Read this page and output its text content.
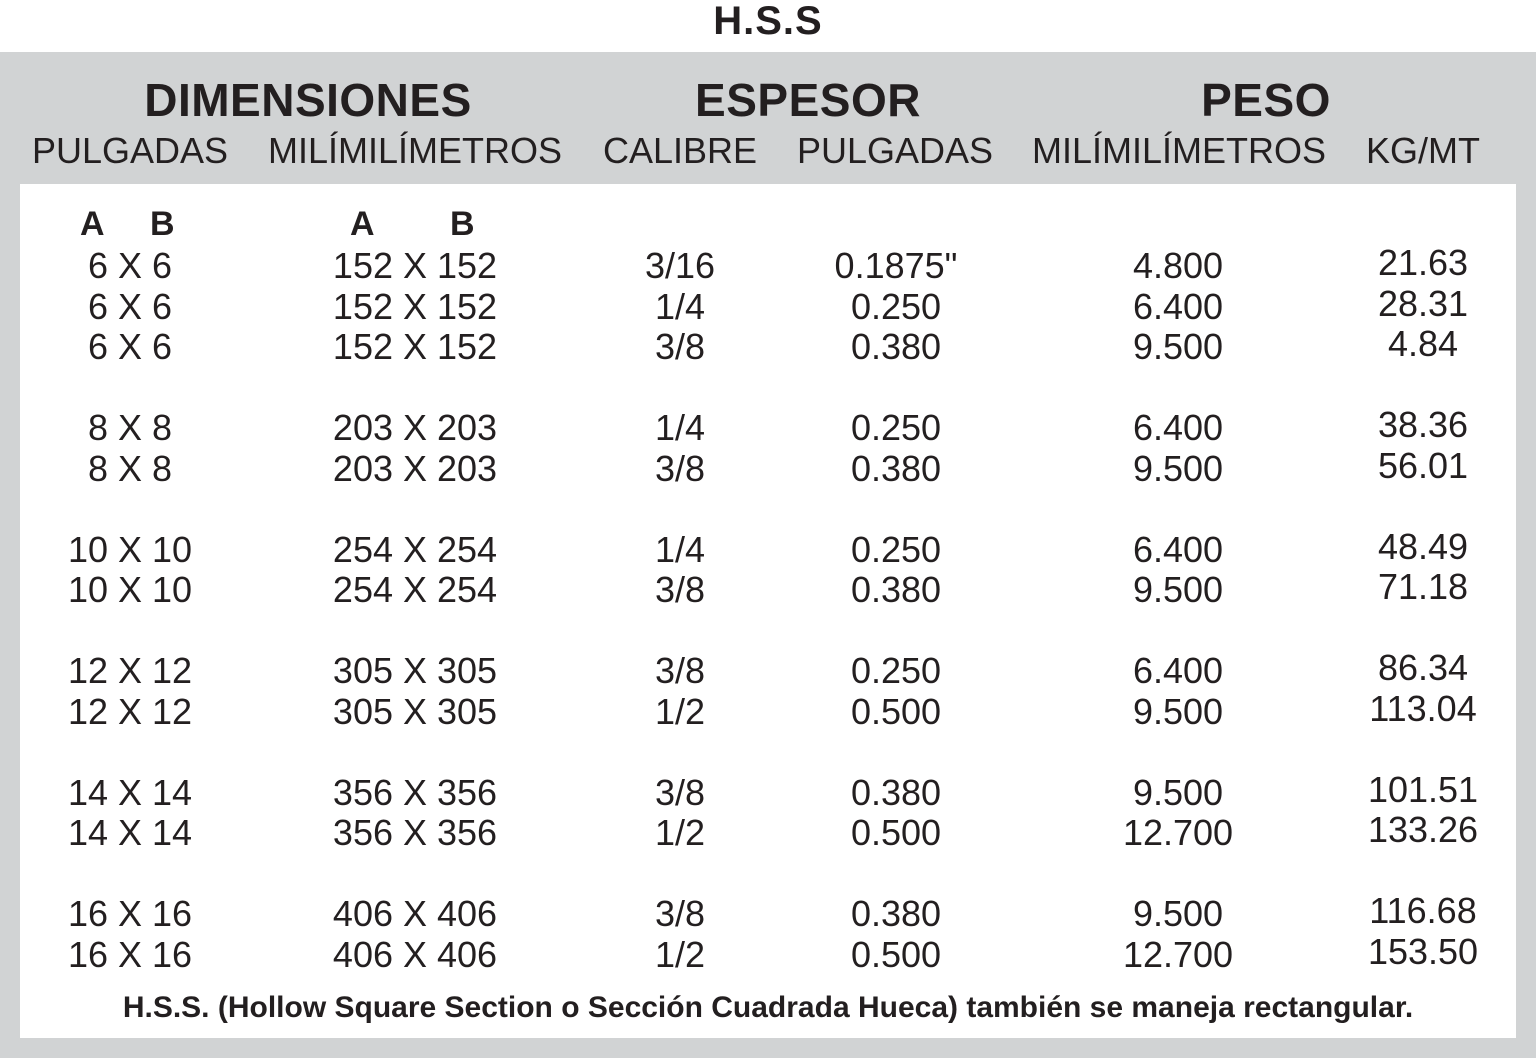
H.S.S
DIMENSIONES	ESPESOR	PESO
PULGADAS	MILÍMILÍMETROS CALIBRE PULGADAS MILÍMILÍMETROS KG/MT
A B	A B
6 X 6	152 X 152	3/16	0.1875"	4.800	21.63
6 X 6	152 X 152	1/4	0.250	6.400	28.31
6 X 6	152 X 152	3/8	0.380	9.500	4.84
8 X 8	203 X 203	1/4	0.250	6.400	38.36
8 X 8	203 X 203	3/8	0.380	9.500	56.01
10 X 10	254 X 254	1/4	0.250	6.400	48.49
10 X 10	254 X 254	3/8	0.380	9.500	71.18
12 X 12	305 X 305	3/8	0.250	6.400	86.34
12 X 12	305 X 305	1/2	0.500	9.500	113.04
14 X 14	356 X 356	3/8	0.380	9.500	101.51
14 X 14	356 X 356	1/2	0.500	12.700	133.26
16 X 16	406 X 406	3/8	0.380	9.500	116.68
16 X 16	406 X 406	1/2	0.500	12.700	153.50
H.S.S. (Hollow Square Section o Sección Cuadrada Hueca) también se maneja rectangular.
